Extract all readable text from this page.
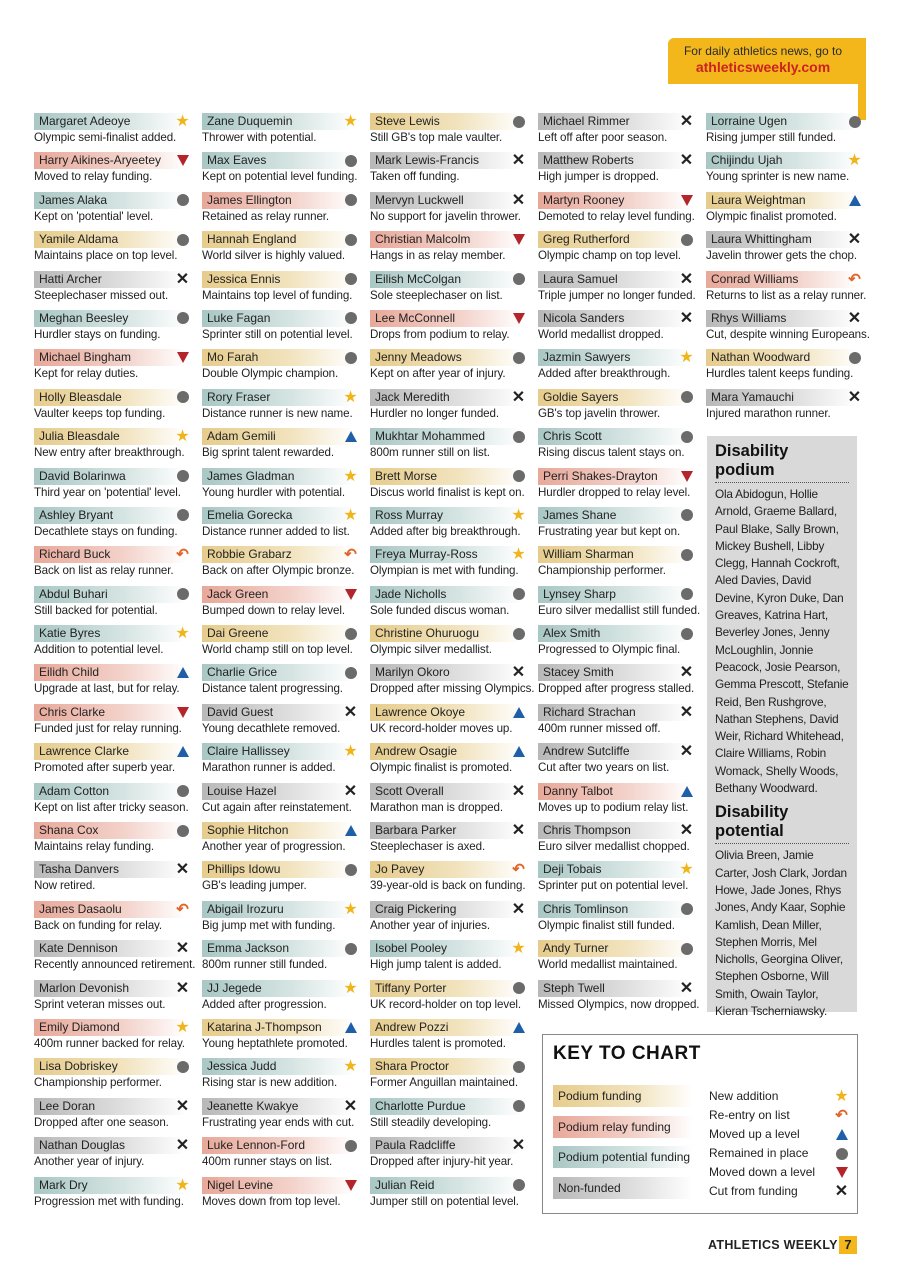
For daily athletics news, go to
athleticsweekly.com
Margaret Adeoye	★
Olympic semi-finalist added.
Harry Aikines-Aryeetey
Moved to relay funding.
James Alaka
Kept on 'potential' level.
Yamile Aldama
Maintains place on top level.
Hatti Archer	✕
Steeplechaser missed out.
Meghan Beesley
Hurdler stays on funding.
Michael Bingham
Kept for relay duties.
Holly Bleasdale
Vaulter keeps top funding.
Julia Bleasdale	★
New entry after breakthrough.
David Bolarinwa
Third year on 'potential' level.
Ashley Bryant
Decathlete stays on funding.
Richard Buck	↶
Back on list as relay runner.
Abdul Buhari
Still backed for potential.
Katie Byres	★
Addition to potential level.
Eilidh Child
Upgrade at last, but for relay.
Chris Clarke
Funded just for relay running.
Lawrence Clarke
Promoted after superb year.
Adam Cotton
Kept on list after tricky season.
Shana Cox
Maintains relay funding.
Tasha Danvers	✕
Now retired.
James Dasaolu	↶
Back on funding for relay.
Kate Dennison	✕
Recently announced retirement.
Marlon Devonish	✕
Sprint veteran misses out.
Emily Diamond	★
400m runner backed for relay.
Lisa Dobriskey
Championship performer.
Lee Doran	✕
Dropped after one season.
Nathan Douglas	✕
Another year of injury.
Mark Dry	★
Progression met with funding.
Zane Duquemin	★
Thrower with potential.
Max Eaves
Kept on potential level funding.
James Ellington
Retained as relay runner.
Hannah England
World silver is highly valued.
Jessica Ennis
Maintains top level of funding.
Luke Fagan
Sprinter still on potential level.
Mo Farah
Double Olympic champion.
Rory Fraser	★
Distance runner is new name.
Adam Gemili
Big sprint talent rewarded.
James Gladman	★
Young hurdler with potential.
Emelia Gorecka	★
Distance runner added to list.
Robbie Grabarz	↶
Back on after Olympic bronze.
Jack Green
Bumped down to relay level.
Dai Greene
World champ still on top level.
Charlie Grice
Distance talent progressing.
David Guest	✕
Young decathlete removed.
Claire Hallissey	★
Marathon runner is added.
Louise Hazel	✕
Cut again after reinstatement.
Sophie Hitchon
Another year of progression.
Phillips Idowu
GB's leading jumper.
Abigail Irozuru	★
Big jump met with funding.
Emma Jackson
800m runner still funded.
JJ Jegede	★
Added after progression.
Katarina J-Thompson
Young heptathlete promoted.
Jessica Judd	★
Rising star is new addition.
Jeanette Kwakye	✕
Frustrating year ends with cut.
Luke Lennon-Ford
400m runner stays on list.
Nigel Levine
Moves down from top level.
Steve Lewis
Still GB's top male vaulter.
Mark Lewis-Francis ✕
Taken off funding.
Mervyn Luckwell	✕
No support for javelin thrower.
Christian Malcolm
Hangs in as relay member.
Eilish McColgan
Sole steeplechaser on list.
Lee McConnell
Drops from podium to relay.
Jenny Meadows
Kept on after year of injury.
Jack Meredith	✕
Hurdler no longer funded.
Mukhtar Mohammed
800m runner still on list.
Brett Morse
Discus world finalist is kept on.
Ross Murray	★
Added after big breakthrough.
Freya Murray-Ross ★
Olympian is met with funding.
Jade Nicholls
Sole funded discus woman.
Christine Ohuruogu
Olympic silver medallist.
Marilyn Okoro	✕
Dropped after missing Olympics.
Lawrence Okoye
UK record-holder moves up.
Andrew Osagie
Olympic finalist is promoted.
Scott Overall	✕
Marathon man is dropped.
Barbara Parker	✕
Steeplechaser is axed.
Jo Pavey	↶
39-year-old is back on funding.
Craig Pickering	✕
Another year of injuries.
Isobel Pooley	★
High jump talent is added.
Tiffany Porter
UK record-holder on top level.
Andrew Pozzi
Hurdles talent is promoted.
Shara Proctor
Former Anguillan maintained.
Charlotte Purdue
Still steadily developing.
Paula Radcliffe	✕
Dropped after injury-hit year.
Julian Reid
Jumper still on potential level.
Michael Rimmer	✕
Left off after poor season.
Matthew Roberts	✕
High jumper is dropped.
Martyn Rooney
Demoted to relay level funding.
Greg Rutherford
Olympic champ on top level.
Laura Samuel	✕
Triple jumper no longer funded.
Nicola Sanders	✕
World medallist dropped.
Jazmin Sawyers	★
Added after breakthrough.
Goldie Sayers
GB's top javelin thrower.
Chris Scott
Rising discus talent stays on.
Perri Shakes-Drayton
Hurdler dropped to relay level.
James Shane
Frustrating year but kept on.
William Sharman
Championship performer.
Lynsey Sharp
Euro silver medallist still funded.
Alex Smith
Progressed to Olympic final.
Stacey Smith	✕
Dropped after progress stalled.
Richard Strachan	✕
400m runner missed off.
Andrew Sutcliffe	✕
Cut after two years on list.
Danny Talbot
Moves up to podium relay list.
Chris Thompson	✕
Euro silver medallist chopped.
Deji Tobais	★
Sprinter put on potential level.
Chris Tomlinson
Olympic finalist still funded.
Andy Turner
World medallist maintained.
Steph Twell	✕
Missed Olympics, now dropped.
Lorraine Ugen
Rising jumper still funded.
Chijindu Ujah	★
Young sprinter is new name.
Laura Weightman
Olympic finalist promoted.
Laura Whittingham ✕
Javelin thrower gets the chop.
Conrad Williams	↶
Returns to list as a relay runner.
Rhys Williams	✕
Cut, despite winning Europeans.
Nathan Woodward
Hurdles talent keeps funding.
Mara Yamauchi	✕
Injured marathon runner.
Disability podium

Ola Abidogun, Hollie Arnold, Graeme Ballard, Paul Blake, Sally Brown, Mickey Bushell, Libby Clegg, Hannah Cockroft, Aled Davies, David Devine, Kyron Duke, Dan Greaves, Katrina Hart, Beverley Jones, Jenny McLoughlin, Jonnie Peacock, Josie Pearson, Gemma Prescott, Stefanie Reid, Ben Rushgrove, Nathan Stephens, David Weir, Richard Whitehead, Claire Williams, Robin Womack, Shelly Woods, Bethany Woodward.

Disability potential

Olivia Breen, Jamie Carter, Josh Clark, Jordan Howe, Jade Jones, Rhys Jones, Andy Kaar, Sophie Kamlish, Dean Miller, Stephen Morris, Mel Nicholls, Georgina Oliver, Stephen Osborne, Will Smith, Owain Taylor, Kieran Tscherniawsky.

KEY TO CHART
Podium funding
Podium relay funding
Podium potential funding
Non-funded
New addition	★
Re-entry on list	↶
Moved up a level
Remained in place
Moved down a level
Cut from funding ✕
ATHLETICS WEEKLY 7
